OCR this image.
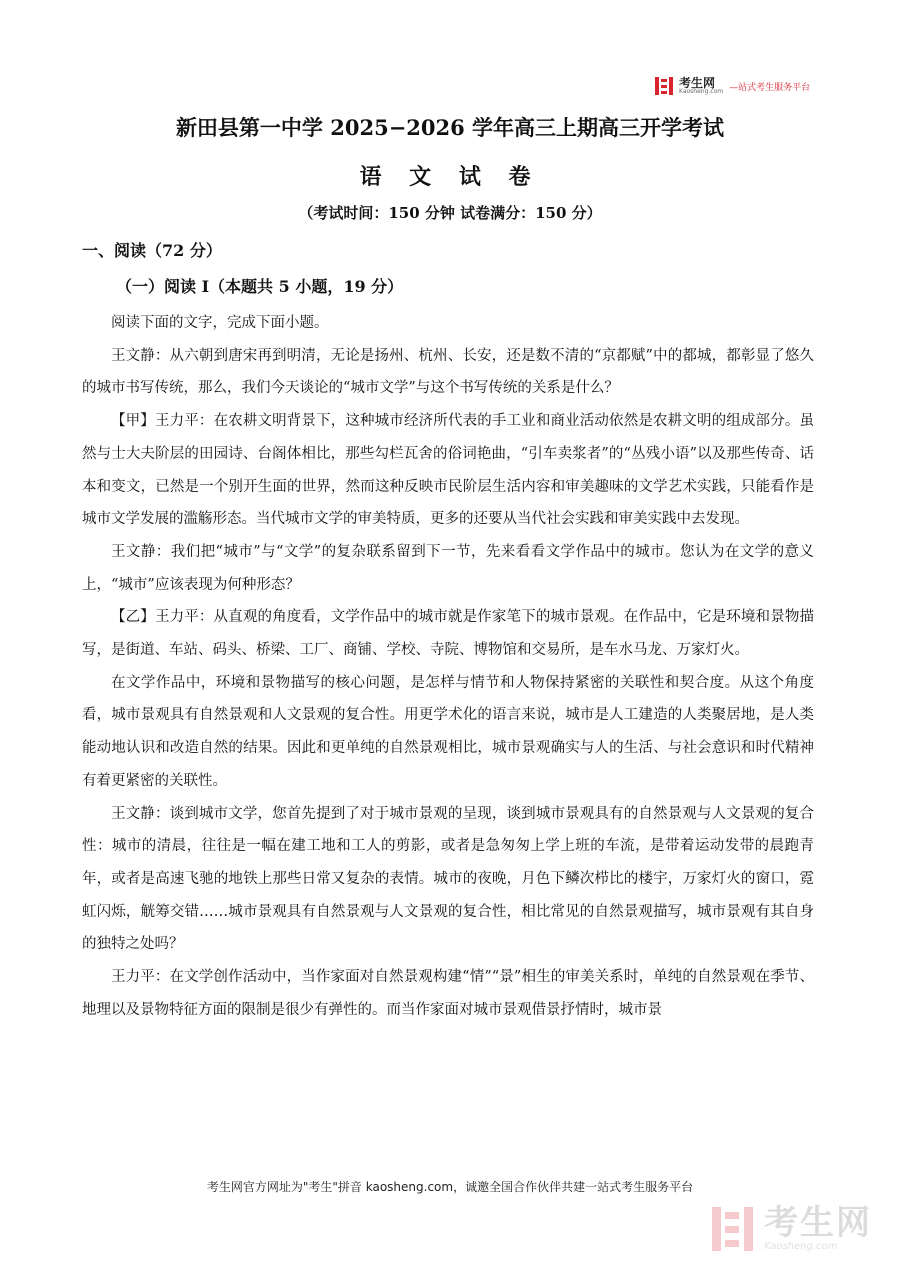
考生网
Kaosheng.com —站式考生服务平台
新田县第一中学 2025−2026 学年高三上期高三开学考试
语 文 试 卷
（考试时间：150 分钟 试卷满分：150 分）
一、阅读（72 分）
（一）阅读 I（本题共 5 小题，19 分）

阅读下面的文字，完成下面小题。

王文静：从六朝到唐宋再到明清，无论是扬州、杭州、长安，还是数不清的“京都赋”中的都城，都彰显了悠久的城市书写传统，那么，我们今天谈论的“城市文学”与这个书写传统的关系是什么？

【甲】王力平：在农耕文明背景下，这种城市经济所代表的手工业和商业活动依然是农耕文明的组成部分。虽然与士大夫阶层的田园诗、台阁体相比，那些勾栏瓦舍的俗词艳曲，“引车卖浆者”的“丛残小语”以及那些传奇、话本和变文，已然是一个别开生面的世界，然而这种反映市民阶层生活内容和审美趣味的文学艺术实践，只能看作是城市文学发展的滥觞形态。当代城市文学的审美特质，更多的还要从当代社会实践和审美实践中去发现。

王文静：我们把“城市”与“文学”的复杂联系留到下一节，先来看看文学作品中的城市。您认为在文学的意义上，“城市”应该表现为何种形态？

【乙】王力平：从直观的角度看，文学作品中的城市就是作家笔下的城市景观。在作品中，它是环境和景物描写，是街道、车站、码头、桥梁、工厂、商铺、学校、寺院、博物馆和交易所，是车水马龙、万家灯火。

在文学作品中，环境和景物描写的核心问题，是怎样与情节和人物保持紧密的关联性和契合度。从这个角度看，城市景观具有自然景观和人文景观的复合性。用更学术化的语言来说，城市是人工建造的人类聚居地，是人类能动地认识和改造自然的结果。因此和更单纯的自然景观相比，城市景观确实与人的生活、与社会意识和时代精神有着更紧密的关联性。

王文静：谈到城市文学，您首先提到了对于城市景观的呈现，谈到城市景观具有的自然景观与人文景观的复合性：城市的清晨，往往是一幅在建工地和工人的剪影，或者是急匆匆上学上班的车流，是带着运动发带的晨跑青年，或者是高速飞驰的地铁上那些日常又复杂的表情。城市的夜晚，月色下鳞次栉比的楼宇，万家灯火的窗口，霓虹闪烁，觥筹交错……城市景观具有自然景观与人文景观的复合性，相比常见的自然景观描写，城市景观有其自身的独特之处吗？

王力平：在文学创作活动中，当作家面对自然景观构建“情”“景”相生的审美关系时，单纯的自然景观在季节、地理以及景物特征方面的限制是很少有弹性的。而当作家面对城市景观借景抒情时，城市景

考生网官方网址为"考生"拼音 kaosheng.com，诚邀全国合作伙伴共建一站式考生服务平台
考生网
Kaosheng.com
